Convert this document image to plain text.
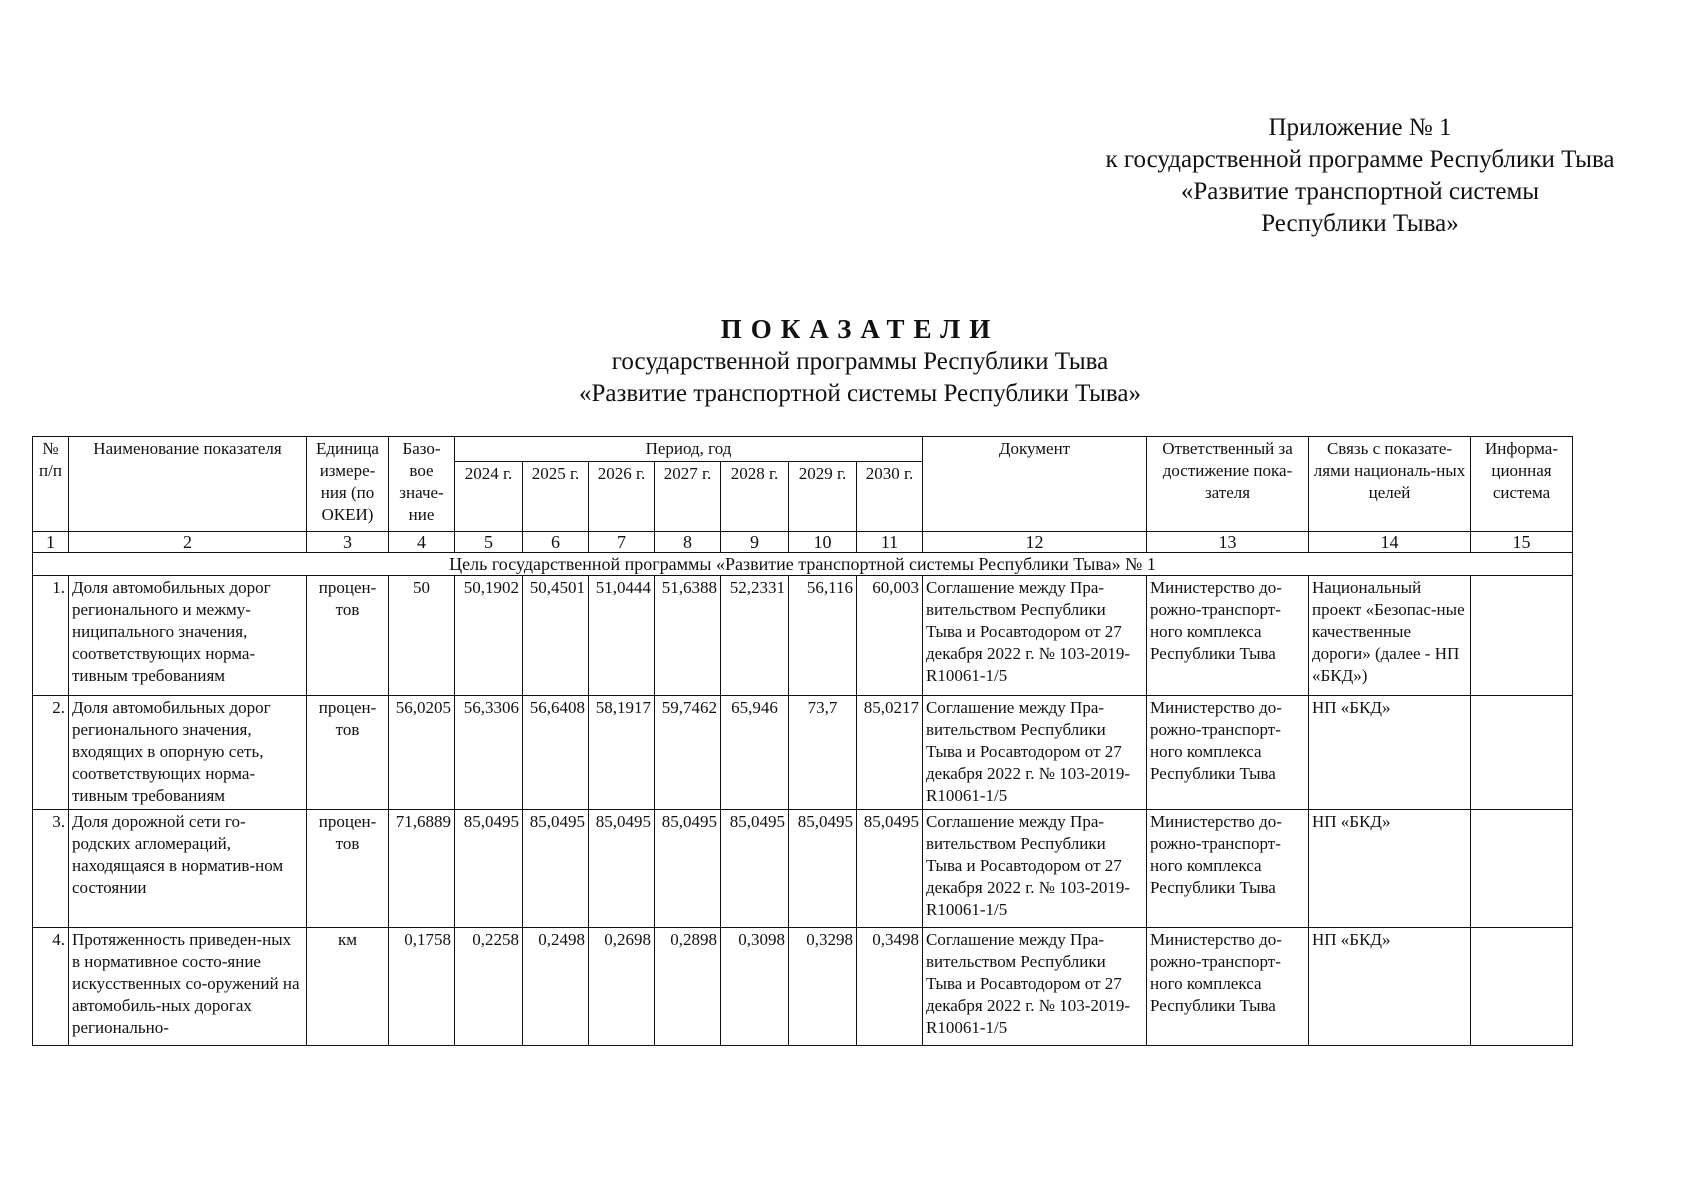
Приложение № 1
к государственной программе Республики Тыва
«Развитие транспортной системы
Республики Тыва»
ПОКАЗАТЕЛИ
государственной программы Республики Тыва
«Развитие транспортной системы Республики Тыва»
№ п/п	Наименование показателя	Единица измере-ния (по ОКЕИ)	Базо-вое значе-ние	Период, год							Документ	Ответственный за достижение пока-зателя	Связь с показате-лями националь-ных целей	Информа-ционная система
				2024 г.	2025 г.	2026 г.	2027 г.	2028 г.	2029 г.	2030 г.				
1	2	3	4	5	6	7	8	9	10	11	12	13	14	15
Цель государственной программы «Развитие транспортной системы Республики Тыва» № 1														
1.	Доля автомобильных дорог регионального и межму-ниципального значения, соответствующих норма-тивным требованиям	процен-тов	50	50,1902	50,4501	51,0444	51,6388	52,2331	56,116	60,003	Соглашение между Пра-вительством Республики Тыва и Росавтодором от 27 декабря 2022 г. № 103-2019-R10061-1/5	Министерство до-рожно-транспорт-ного комплекса Республики Тыва	Национальный проект «Безопас-ные качественные дороги» (далее - НП «БКД»)	
2.	Доля автомобильных дорог регионального значения, входящих в опорную сеть, соответствующих норма-тивным требованиям	процен-тов	56,0205	56,3306	56,6408	58,1917	59,7462	65,946	73,7	85,0217	Соглашение между Пра-вительством Республики Тыва и Росавтодором от 27 декабря 2022 г. № 103-2019-R10061-1/5	Министерство до-рожно-транспорт-ного комплекса Республики Тыва	НП «БКД»	
3.	Доля дорожной сети го-родских агломераций, находящаяся в норматив-ном состоянии	процен-тов	71,6889	85,0495	85,0495	85,0495	85,0495	85,0495	85,0495	85,0495	Соглашение между Пра-вительством Республики Тыва и Росавтодором от 27 декабря 2022 г. № 103-2019-R10061-1/5	Министерство до-рожно-транспорт-ного комплекса Республики Тыва	НП «БКД»	
4.	Протяженность приведен-ных в нормативное состо-яние искусственных со-оружений на автомобиль-ных дорогах регионально-	км	0,1758	0,2258	0,2498	0,2698	0,2898	0,3098	0,3298	0,3498	Соглашение между Пра-вительством Республики Тыва и Росавтодором от 27 декабря 2022 г. № 103-2019-R10061-1/5	Министерство до-рожно-транспорт-ного комплекса Республики Тыва	НП «БКД»	
